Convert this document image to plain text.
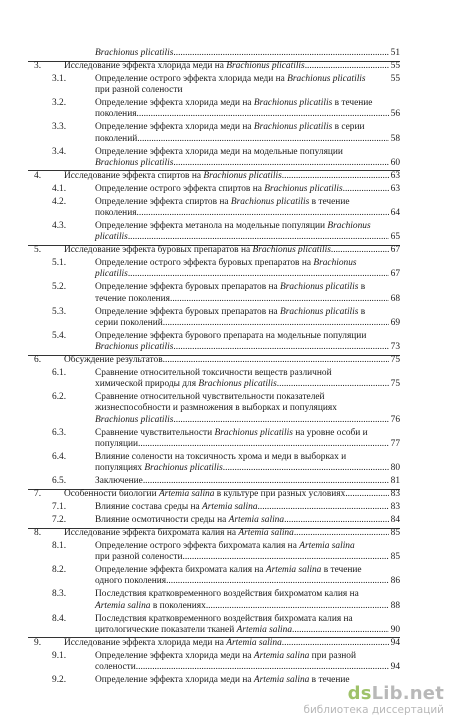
Brachionus plicatilis .....	51
3. Исследование эффекта хлорида меди на Brachionus plicatilis .....	55
3.1.	Определение острого эффекта хлорида меди на Brachionus plicatilis	55
при разной солености
3.2.	Определение эффекта хлорида меди на Brachionus plicatilis в течение
поколения .....	56
3.3.	Определение эффекта хлорида меди на Brachionus plicatilis в серии
поколений .....	58
3.4.	Определение эффекта хлорида меди на модельные популяции
Brachionus plicatilis .....	60
4. Исследование эффекта спиртов на Brachionus plicatilis .....	63
4.1.	Определение острого эффекта спиртов на Brachionus plicatilis .....	63
4.2.	Определение эффекта спиртов на Brachionus plicatilis в течение
поколения .....	64
4.3.	Определение эффекта метанола на модельные популяции Brachionus
plicatilis .....	65
5. Исследование эффекта буровых препаратов на Brachionus plicatilis .....	67
5.1.	Определение острого эффекта буровых препаратов на Brachionus
plicatilis .....	67
5.2.	Определение эффекта буровых препаратов на Brachionus plicatilis в
течение поколения .....	68
5.3.	Определение эффекта буровых препаратов на Brachionus plicatilis в
серии поколений .....	69
5.4.	Определение эффекта бурового препарата на модельные популяции
Brachionus plicatilis .....	73
6. Обсуждение результатов .....	75
6.1.	Сравнение относительной токсичности веществ различной
химической природы для Brachionus plicatilis .....	75
6.2.	Сравнение относительной чувствительности показателей
жизнеспособности и размножения в выборках и популяциях
Brachionus plicatilis .....	76
6.3.	Сравнение чувствительности Brachionus plicatilis на уровне особи и
популяции .....	77
6.4.	Влияние солености на токсичность хрома и меди в выборках и
популяциях Brachionus plicatilis .....	80
6.5.	Заключение .....	81
7. Особенности биологии Artemia salina в культуре при разных условиях .....	83
7.1.	Влияние состава среды на Artemia salina .....	83
7.2.	Влияние осмотичности среды на Artemia salina .....	84
8. Исследование эффекта бихромата калия на Artemia salina .....	85
8.1.	Определение острого эффекта бихромата калия на Artemia salina
при разной солености .....	85
8.2.	Определение эффекта бихромата калия на Artemia salina в течение
одного поколения .....	86
8.3.	Последствия кратковременного воздействия бихроматом калия на
Artemia salina в поколениях .....	88
8.4.	Последствия кратковременного воздействия бихромата калия на
цитологические показатели тканей Artemia salina .....	90
9. Исследование эффекта хлорида меди на Artemia salina .....	94
9.1.	Определение эффекта хлорида меди на Artemia salina при разной
солености .....	94
9.2.	Определение эффекта хлорида меди на Artemia salina в течение
dsLib.net
библиотека диссертаций
